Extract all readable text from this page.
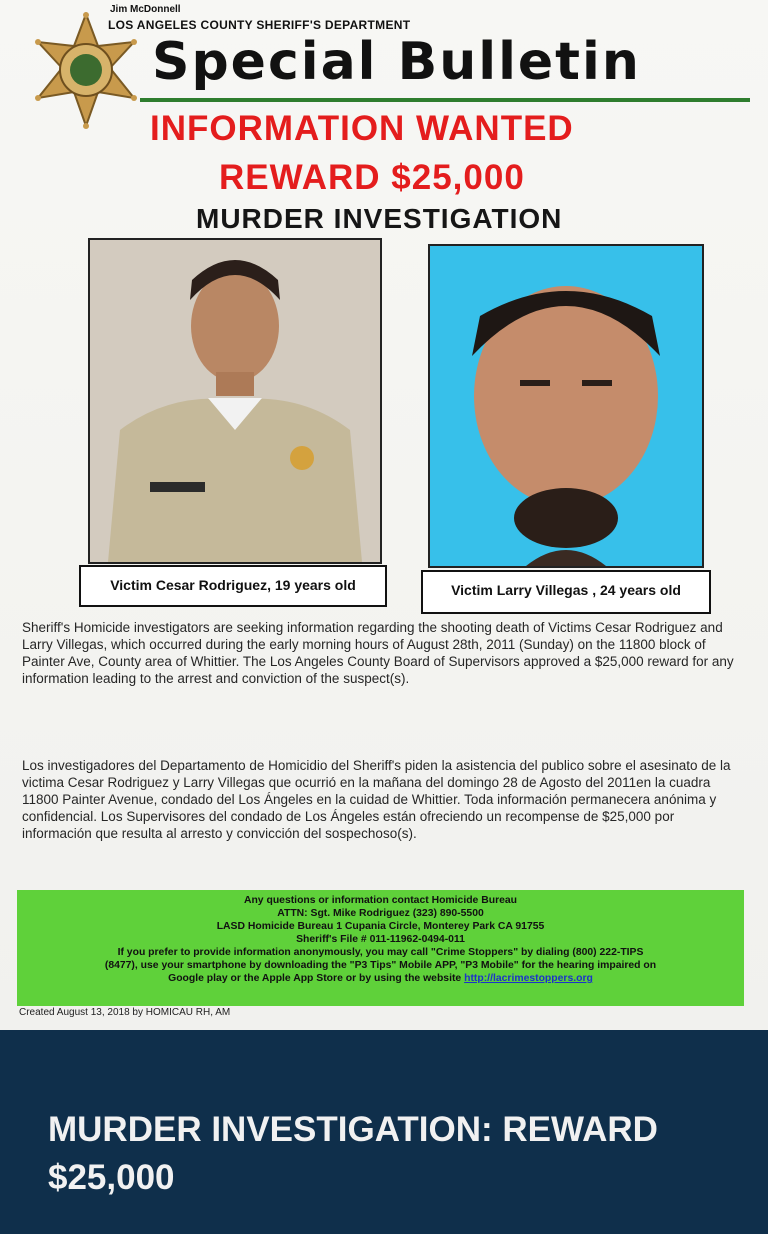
Jim McDonnell
LOS ANGELES COUNTY SHERIFF'S DEPARTMENT
Special Bulletin
INFORMATION WANTED
REWARD $25,000
MURDER INVESTIGATION
Victim Cesar Rodriguez, 19 years old	Victim Larry Villegas , 24 years old
Sheriff's Homicide investigators are seeking information regarding the shooting death of Victims Cesar Rodriguez and Larry Villegas, which occurred during the early morning hours of August 28th, 2011 (Sunday) on the 11800 block of Painter Ave, County area of Whittier. The Los Angeles County Board of Supervisors approved a $25,000 reward for any information leading to the arrest and conviction of the suspect(s).
Los investigadores del Departamento de Homicidio del Sheriff's piden la asistencia del publico sobre el asesinato de la victima Cesar Rodriguez y Larry Villegas que ocurrió en la mañana del domingo 28 de Agosto del 2011en la cuadra 11800 Painter Avenue, condado del Los Ángeles en la cuidad de Whittier. Toda información permanecera anónima y confidencial. Los Supervisores del condado de Los Ángeles están ofreciendo un recompense de $25,000 por información que resulta al arresto y convicción del sospechoso(s).
Any questions or information contact Homicide Bureau
ATTN: Sgt. Mike Rodriguez (323) 890-5500
LASD Homicide Bureau 1 Cupania Circle, Monterey Park CA 91755
Sheriff's File # 011-11962-0494-011
If you prefer to provide information anonymously, you may call "Crime Stoppers" by dialing (800) 222-TIPS
(8477), use your smartphone by downloading the "P3 Tips" Mobile APP, "P3 Mobile" for the hearing impaired on
Google play or the Apple App Store or by using the website http://lacrimestoppers.org
Created August 13, 2018 by HOMICAU RH, AM
MURDER INVESTIGATION: REWARD $25,000
